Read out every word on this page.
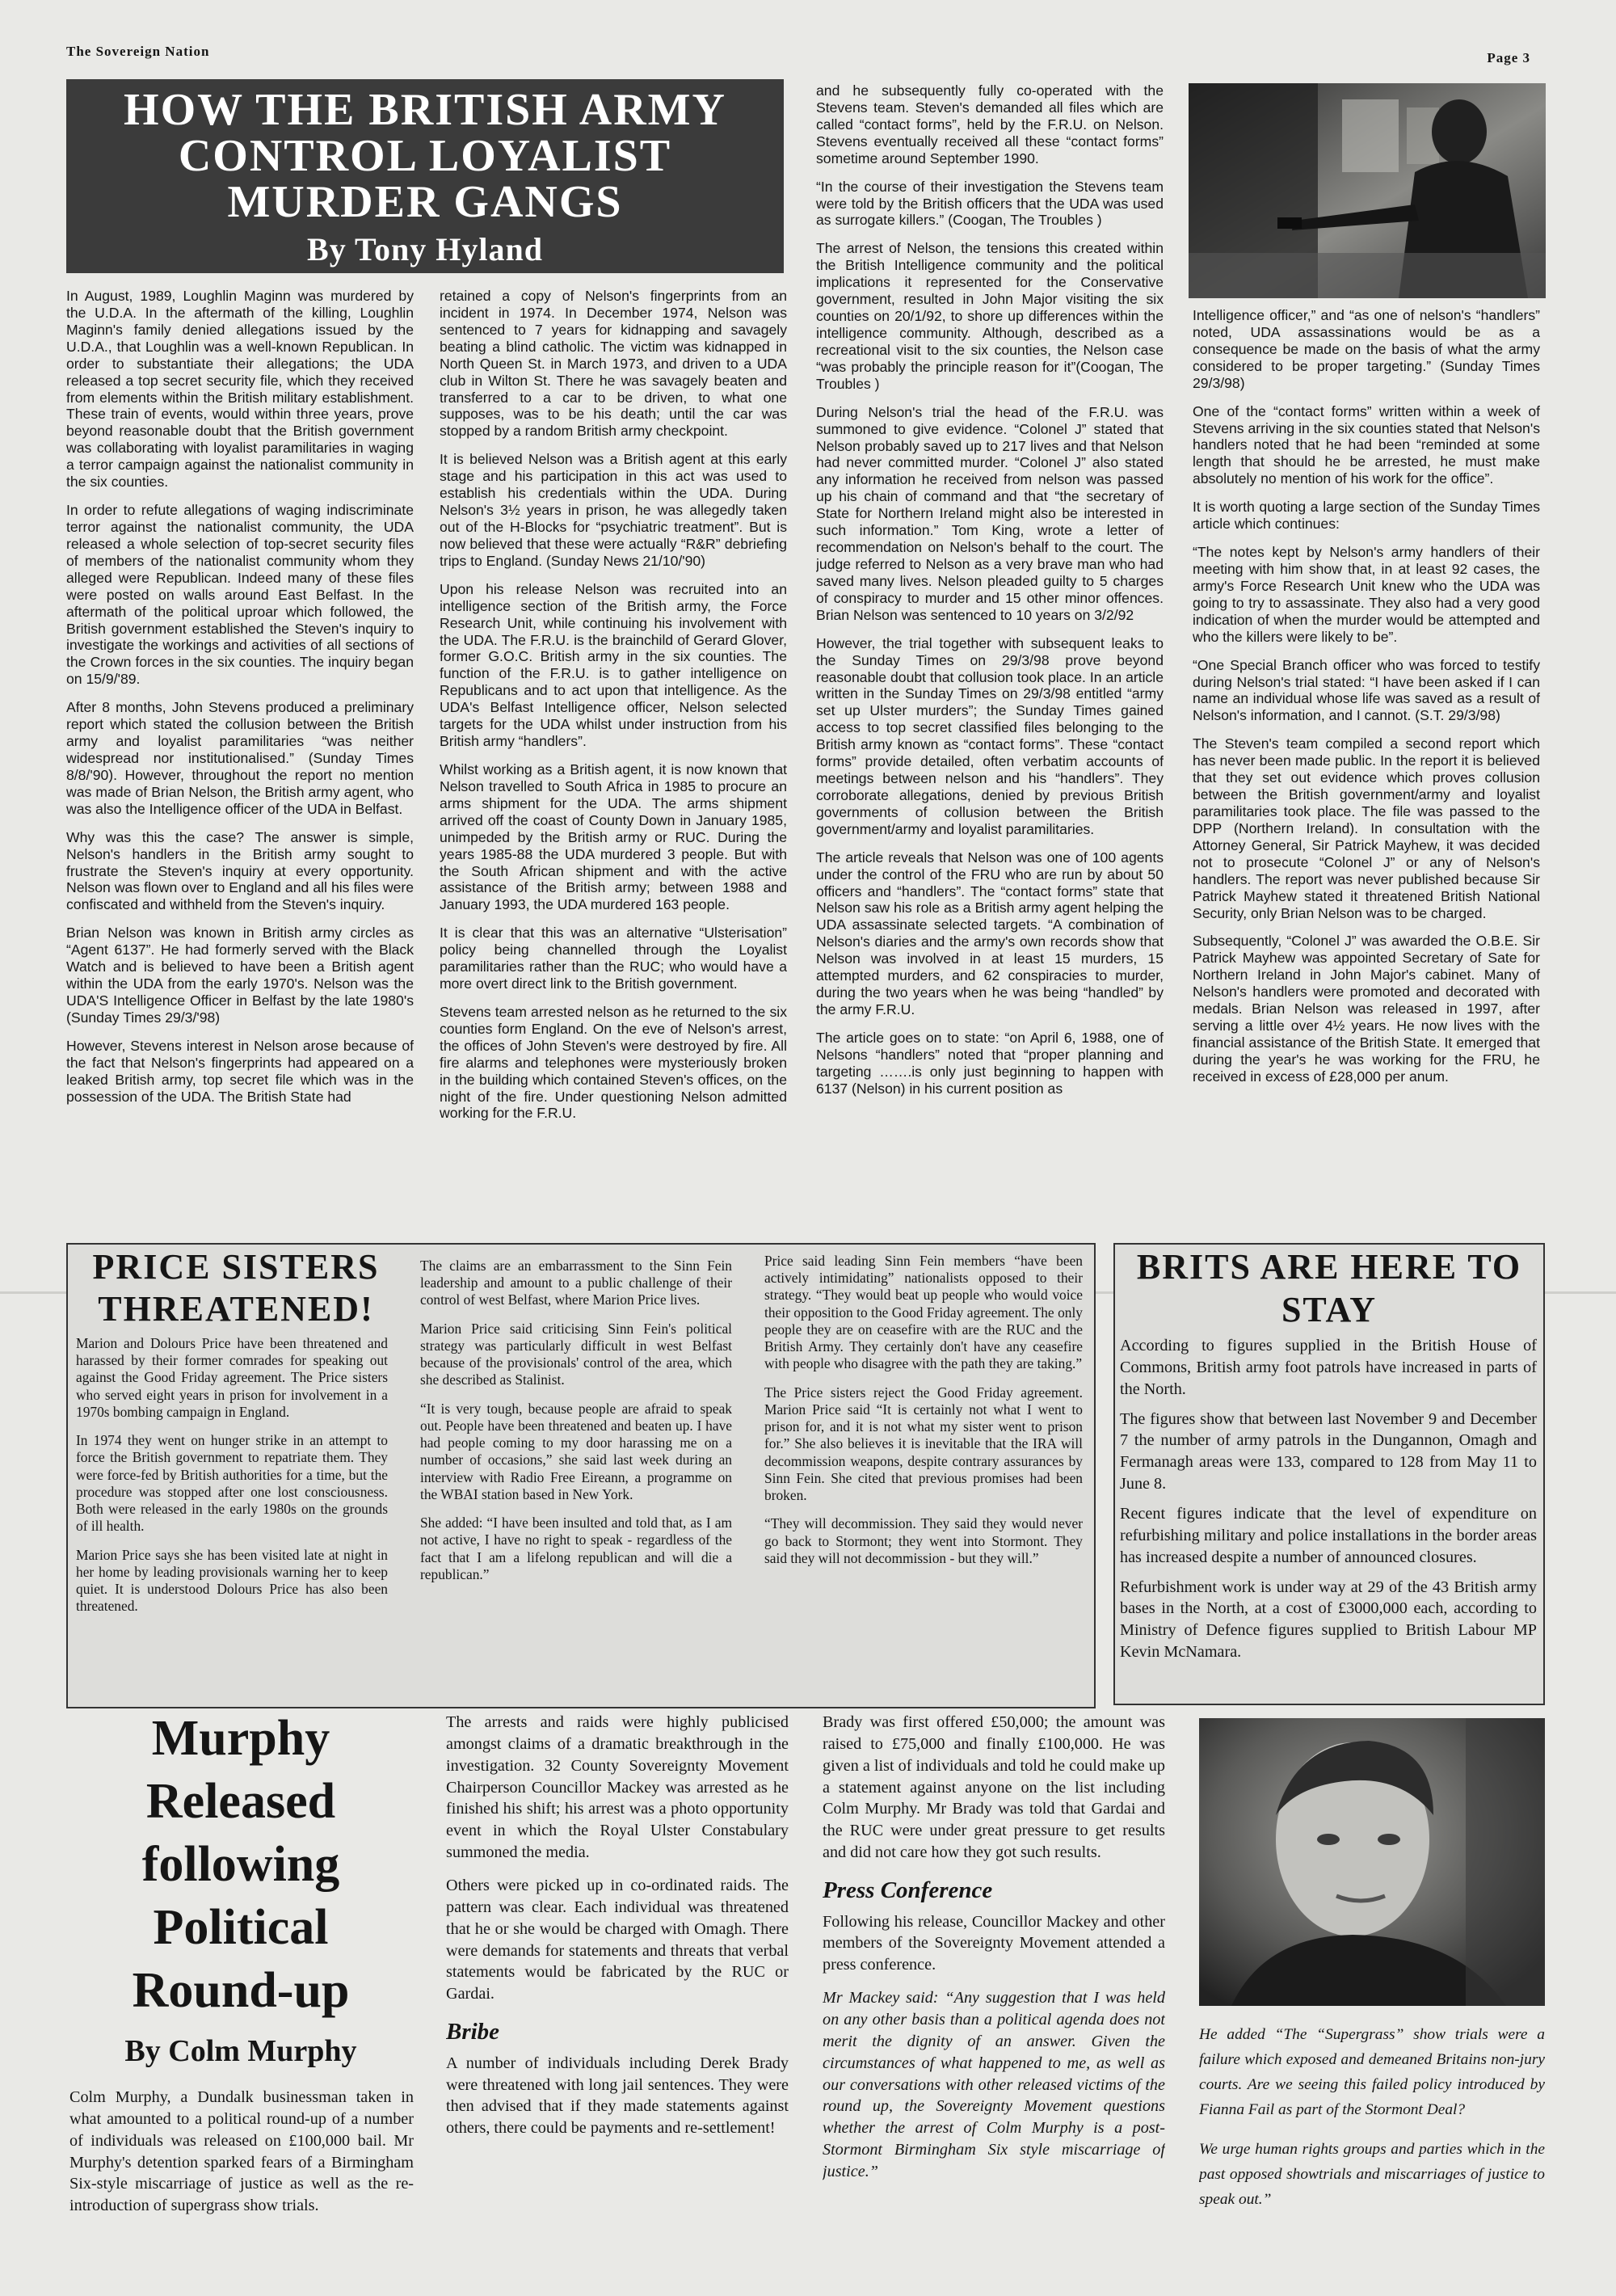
The Sovereign Nation	Page 3
HOW THE BRITISH ARMY CONTROL LOYALIST MURDER GANGS
By Tony Hyland

In August, 1989, Loughlin Maginn was murdered by the U.D.A. In the aftermath of the killing, Loughlin Maginn's family denied allegations issued by the U.D.A., that Loughlin was a well-known Republican. In order to substantiate their allegations; the UDA released a top secret security file, which they received from elements within the British military establishment. These train of events, would within three years, prove beyond reasonable doubt that the British government was collaborating with loyalist paramilitaries in waging a terror campaign against the nationalist community in the six counties.

In order to refute allegations of waging indiscriminate terror against the nationalist community, the UDA released a whole selection of top-secret security files of members of the nationalist community whom they alleged were Republican. Indeed many of these files were posted on walls around East Belfast. In the aftermath of the political uproar which followed, the British government established the Steven's inquiry to investigate the workings and activities of all sections of the Crown forces in the six counties. The inquiry began on 15/9/'89.

After 8 months, John Stevens produced a preliminary report which stated the collusion between the British army and loyalist paramilitaries “was neither widespread nor institutionalised.” (Sunday Times 8/8/'90). However, throughout the report no mention was made of Brian Nelson, the British army agent, who was also the Intelligence officer of the UDA in Belfast.

Why was this the case? The answer is simple, Nelson's handlers in the British army sought to frustrate the Steven's inquiry at every opportunity. Nelson was flown over to England and all his files were confiscated and withheld from the Steven's inquiry.

Brian Nelson was known in British army circles as “Agent 6137”. He had formerly served with the Black Watch and is believed to have been a British agent within the UDA from the early 1970's. Nelson was the UDA'S Intelligence Officer in Belfast by the late 1980's (Sunday Times 29/3/'98)

However, Stevens interest in Nelson arose because of the fact that Nelson's fingerprints had appeared on a leaked British army, top secret file which was in the possession of the UDA. The British State had

retained a copy of Nelson's fingerprints from an incident in 1974. In December 1974, Nelson was sentenced to 7 years for kidnapping and savagely beating a blind catholic. The victim was kidnapped in North Queen St. in March 1973, and driven to a UDA club in Wilton St. There he was savagely beaten and transferred to a car to be driven, to what one supposes, was to be his death; until the car was stopped by a random British army checkpoint.

It is believed Nelson was a British agent at this early stage and his participation in this act was used to establish his credentials within the UDA. During Nelson's 3½ years in prison, he was allegedly taken out of the H-Blocks for “psychiatric treatment”. But is now believed that these were actually “R&R” debriefing trips to England. (Sunday News 21/10/'90)

Upon his release Nelson was recruited into an intelligence section of the British army, the Force Research Unit, while continuing his involvement with the UDA. The F.R.U. is the brainchild of Gerard Glover, former G.O.C. British army in the six counties. The function of the F.R.U. is to gather intelligence on Republicans and to act upon that intelligence. As the UDA's Belfast Intelligence officer, Nelson selected targets for the UDA whilst under instruction from his British army “handlers”.

Whilst working as a British agent, it is now known that Nelson travelled to South Africa in 1985 to procure an arms shipment for the UDA. The arms shipment arrived off the coast of County Down in January 1985, unimpeded by the British army or RUC. During the years 1985-88 the UDA murdered 3 people. But with the South African shipment and with the active assistance of the British army; between 1988 and January 1993, the UDA murdered 163 people.

It is clear that this was an alternative “Ulsterisation” policy being channelled through the Loyalist paramilitaries rather than the RUC; who would have a more overt direct link to the British government.

Stevens team arrested nelson as he returned to the six counties form England. On the eve of Nelson's arrest, the offices of John Steven's were destroyed by fire. All fire alarms and telephones were mysteriously broken in the building which contained Steven's offices, on the night of the fire. Under questioning Nelson admitted working for the F.R.U.

and he subsequently fully co-operated with the Stevens team. Steven's demanded all files which are called “contact forms”, held by the F.R.U. on Nelson. Stevens eventually received all these “contact forms” sometime around September 1990.

“In the course of their investigation the Stevens team were told by the British officers that the UDA was used as surrogate killers.” (Coogan, The Troubles )

The arrest of Nelson, the tensions this created within the British Intelligence community and the political implications it represented for the Conservative government, resulted in John Major visiting the six counties on 20/1/92, to shore up differences within the intelligence community. Although, described as a recreational visit to the six counties, the Nelson case “was probably the principle reason for it”(Coogan, The Troubles )

During Nelson's trial the head of the F.R.U. was summoned to give evidence. “Colonel J” stated that Nelson probably saved up to 217 lives and that Nelson had never committed murder. “Colonel J” also stated any information he received from nelson was passed up his chain of command and that “the secretary of State for Northern Ireland might also be interested in such information.” Tom King, wrote a letter of recommendation on Nelson's behalf to the court. The judge referred to Nelson as a very brave man who had saved many lives. Nelson pleaded guilty to 5 charges of conspiracy to murder and 15 other minor offences. Brian Nelson was sentenced to 10 years on 3/2/92

However, the trial together with subsequent leaks to the Sunday Times on 29/3/98 prove beyond reasonable doubt that collusion took place. In an article written in the Sunday Times on 29/3/98 entitled “army set up Ulster murders”; the Sunday Times gained access to top secret classified files belonging to the British army known as “contact forms”. These “contact forms” provide detailed, often verbatim accounts of meetings between nelson and his “handlers”. They corroborate allegations, denied by previous British governments of collusion between the British government/army and loyalist paramilitaries.

The article reveals that Nelson was one of 100 agents under the control of the FRU who are run by about 50 officers and “handlers”. The “contact forms” state that Nelson saw his role as a British army agent helping the UDA assassinate selected targets. “A combination of Nelson's diaries and the army's own records show that Nelson was involved in at least 15 murders, 15 attempted murders, and 62 conspiracies to murder, during the two years when he was being “handled” by the army F.R.U.

The article goes on to state: “on April 6, 1988, one of Nelsons “handlers” noted that “proper planning and targeting …….is only just beginning to happen with 6137 (Nelson) in his current position as

Intelligence officer,” and “as one of nelson's “handlers” noted, UDA assassinations would be as a consequence be made on the basis of what the army considered to be proper targeting.” (Sunday Times 29/3/98)

One of the “contact forms” written within a week of Stevens arriving in the six counties stated that Nelson's handlers noted that he had been “reminded at some length that should he be arrested, he must make absolutely no mention of his work for the office”.

It is worth quoting a large section of the Sunday Times article which continues:

“The notes kept by Nelson's army handlers of their meeting with him show that, in at least 92 cases, the army's Force Research Unit knew who the UDA was going to try to assassinate. They also had a very good indication of when the murder would be attempted and who the killers were likely to be”.

“One Special Branch officer who was forced to testify during Nelson's trial stated: “I have been asked if I can name an individual whose life was saved as a result of Nelson's information, and I cannot. (S.T. 29/3/98)

The Steven's team compiled a second report which has never been made public. In the report it is believed that they set out evidence which proves collusion between the British government/army and loyalist paramilitaries took place. The file was passed to the DPP (Northern Ireland). In consultation with the Attorney General, Sir Patrick Mayhew, it was decided not to prosecute “Colonel J” or any of Nelson's handlers. The report was never published because Sir Patrick Mayhew stated it threatened British National Security, only Brian Nelson was to be charged.

Subsequently, “Colonel J” was awarded the O.B.E. Sir Patrick Mayhew was appointed Secretary of Sate for Northern Ireland in John Major's cabinet. Many of Nelson's handlers were promoted and decorated with medals. Brian Nelson was released in 1997, after serving a little over 4½ years. He now lives with the financial assistance of the British State. It emerged that during the year's he was working for the FRU, he received in excess of £28,000 per anum.

PRICE SISTERS THREATENED!

Marion and Dolours Price have been threatened and harassed by their former comrades for speaking out against the Good Friday agreement. The Price sisters who served eight years in prison for involvement in a 1970s bombing campaign in England.

In 1974 they went on hunger strike in an attempt to force the British government to repatriate them. They were force-fed by British authorities for a time, but the procedure was stopped after one lost consciousness. Both were released in the early 1980s on the grounds of ill health.

Marion Price says she has been visited late at night in her home by leading provisionals warning her to keep quiet. It is understood Dolours Price has also been threatened.

The claims are an embarrassment to the Sinn Fein leadership and amount to a public challenge of their control of west Belfast, where Marion Price lives.

Marion Price said criticising Sinn Fein's political strategy was particularly difficult in west Belfast because of the provisionals' control of the area, which she described as Stalinist.

“It is very tough, because people are afraid to speak out. People have been threatened and beaten up. I have had people coming to my door harassing me on a number of occasions,” she said last week during an interview with Radio Free Eireann, a programme on the WBAI station based in New York.

She added: “I have been insulted and told that, as I am not active, I have no right to speak - regardless of the fact that I am a lifelong republican and will die a republican.”

Price said leading Sinn Fein members “have been actively intimidating” nationalists opposed to their strategy. “They would beat up people who would voice their opposition to the Good Friday agreement. The only people they are on ceasefire with are the RUC and the British Army. They certainly don't have any ceasefire with people who disagree with the path they are taking.”

The Price sisters reject the Good Friday agreement. Marion Price said “It is certainly not what I went to prison for, and it is not what my sister went to prison for.” She also believes it is inevitable that the IRA will decommission weapons, despite contrary assurances by Sinn Fein. She cited that previous promises had been broken.

“They will decommission. They said they would never go back to Stormont; they went into Stormont. They said they will not decommission - but they will.”

BRITS ARE HERE TO STAY

According to figures supplied in the British House of Commons, British army foot patrols have increased in parts of the North.

The figures show that between last November 9 and December 7 the number of army patrols in the Dungannon, Omagh and Fermanagh areas were 133, compared to 128 from May 11 to June 8.

Recent figures indicate that the level of expenditure on refurbishing military and police installations in the border areas has increased despite a number of announced closures.

Refurbishment work is under way at 29 of the 43 British army bases in the North, at a cost of £3000,000 each, according to Ministry of Defence figures supplied to British Labour MP Kevin McNamara.

Murphy Released following Political Round-up
By Colm Murphy

Colm Murphy, a Dundalk businessman taken in what amounted to a political round-up of a number of individuals was released on £100,000 bail. Mr Murphy's detention sparked fears of a Birmingham Six-style miscarriage of justice as well as the re-introduction of supergrass show trials.

The arrests and raids were highly publicised amongst claims of a dramatic breakthrough in the investigation. 32 County Sovereignty Movement Chairperson Councillor Mackey was arrested as he finished his shift; his arrest was a photo opportunity event in which the Royal Ulster Constabulary summoned the media.

Others were picked up in co-ordinated raids. The pattern was clear. Each individual was threatened that he or she would be charged with Omagh. There were demands for statements and threats that verbal statements would be fabricated by the RUC or Gardai.

Bribe

A number of individuals including Derek Brady were threatened with long jail sentences. They were then advised that if they made statements against others, there could be payments and re-settlement!

Brady was first offered £50,000; the amount was raised to £75,000 and finally £100,000. He was given a list of individuals and told he could make up a statement against anyone on the list including Colm Murphy. Mr Brady was told that Gardai and the RUC were under great pressure to get results and did not care how they got such results.

Press Conference

Following his release, Councillor Mackey and other members of the Sovereignty Movement attended a press conference.

Mr Mackey said: “Any suggestion that I was held on any other basis than a political agenda does not merit the dignity of an answer. Given the circumstances of what happened to me, as well as our conversations with other released victims of the round up, the Sovereignty Movement questions whether the arrest of Colm Murphy is a post-Stormont Birmingham Six style miscarriage of justice.”

He added “The “Supergrass” show trials were a failure which exposed and demeaned Britains non-jury courts. Are we seeing this failed policy introduced by Fianna Fail as part of the Stormont Deal?

We urge human rights groups and parties which in the past opposed showtrials and miscarriages of justice to speak out.”
